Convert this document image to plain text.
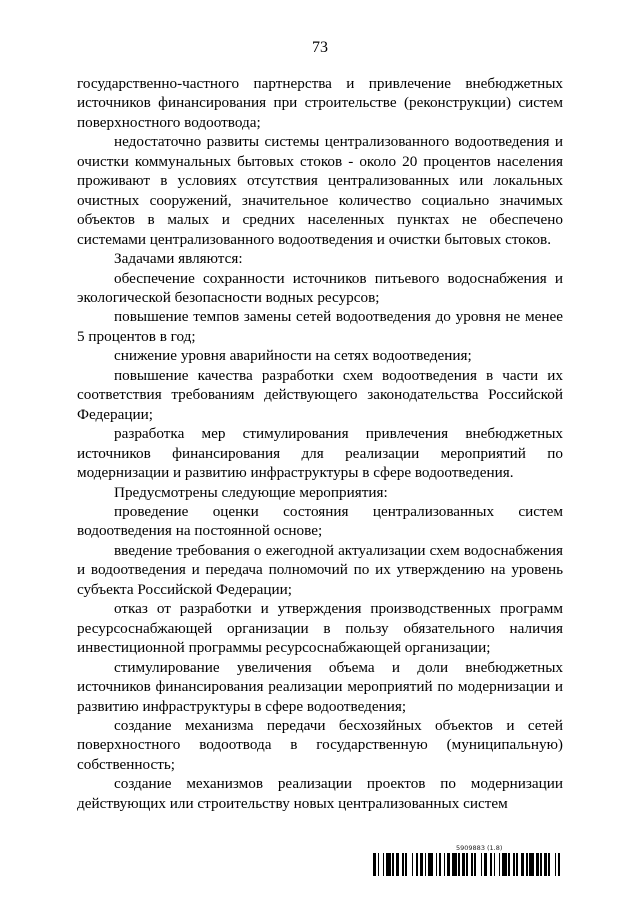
73

государственно-частного партнерства и привлечение внебюджетных источников финансирования при строительстве (реконструкции) систем поверхностного водоотвода;

недостаточно развиты системы централизованного водоотведения и очистки коммунальных бытовых стоков - около 20 процентов населения проживают в условиях отсутствия централизованных или локальных очистных сооружений, значительное количество социально значимых объектов в малых и средних населенных пунктах не обеспечено системами централизованного водоотведения и очистки бытовых стоков.

Задачами являются:

обеспечение сохранности источников питьевого водоснабжения и экологической безопасности водных ресурсов;

повышение темпов замены сетей водоотведения до уровня не менее 5 процентов в год;

снижение уровня аварийности на сетях водоотведения;

повышение качества разработки схем водоотведения в части их соответствия требованиям действующего законодательства Российской Федерации;

разработка мер стимулирования привлечения внебюджетных источников финансирования для реализации мероприятий по модернизации и развитию инфраструктуры в сфере водоотведения.

Предусмотрены следующие мероприятия:

проведение оценки состояния централизованных систем водоотведения на постоянной основе;

введение требования о ежегодной актуализации схем водоснабжения и водоотведения и передача полномочий по их утверждению на уровень субъекта Российской Федерации;

отказ от разработки и утверждения производственных программ ресурсоснабжающей организации в пользу обязательного наличия инвестиционной программы ресурсоснабжающей организации;

стимулирование увеличения объема и доли внебюджетных источников финансирования реализации мероприятий по модернизации и развитию инфраструктуры в сфере водоотведения;

создание механизма передачи бесхозяйных объектов и сетей поверхностного водоотвода в государственную (муниципальную) собственность;

создание механизмов реализации проектов по модернизации действующих или строительству новых централизованных систем

5909883 (1.8)
